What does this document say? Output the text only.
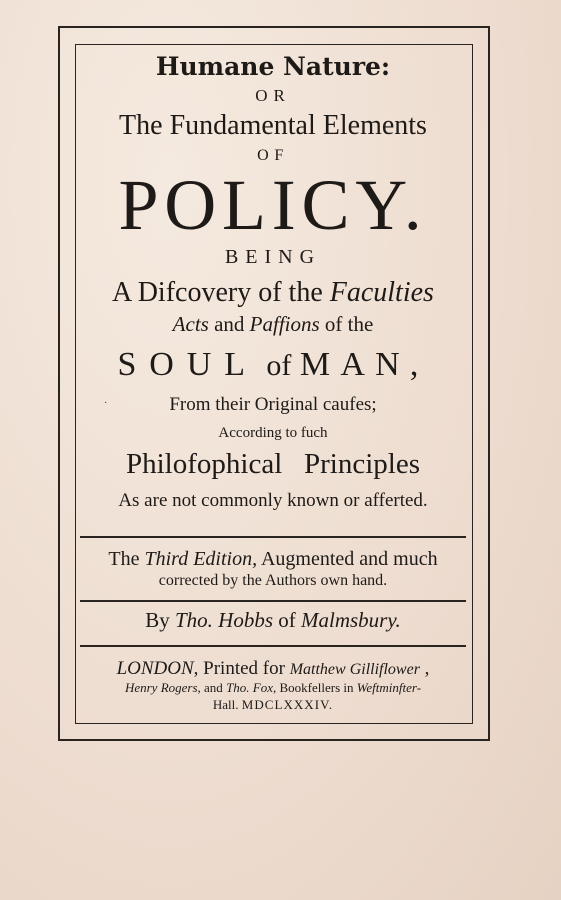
Humane Nature:
OR
The Fundamental Elements
OF
POLICY.
BEING
A Difcovery of the Faculties
Acts and Paffions of the
SOUL of MAN,
·	From their Original caufes;
According to fuch
Philofophical   Principles
As are not commonly known or afferted.
The Third Edition, Augmented and much
corrected by the Authors own hand.
By Tho. Hobbs of Malmsbury.
LONDON, Printed for Matthew Gilliflower ,
Henry Rogers, and Tho. Fox, Bookfellers in Weftminfter-
Hall. MDCLXXXIV.
